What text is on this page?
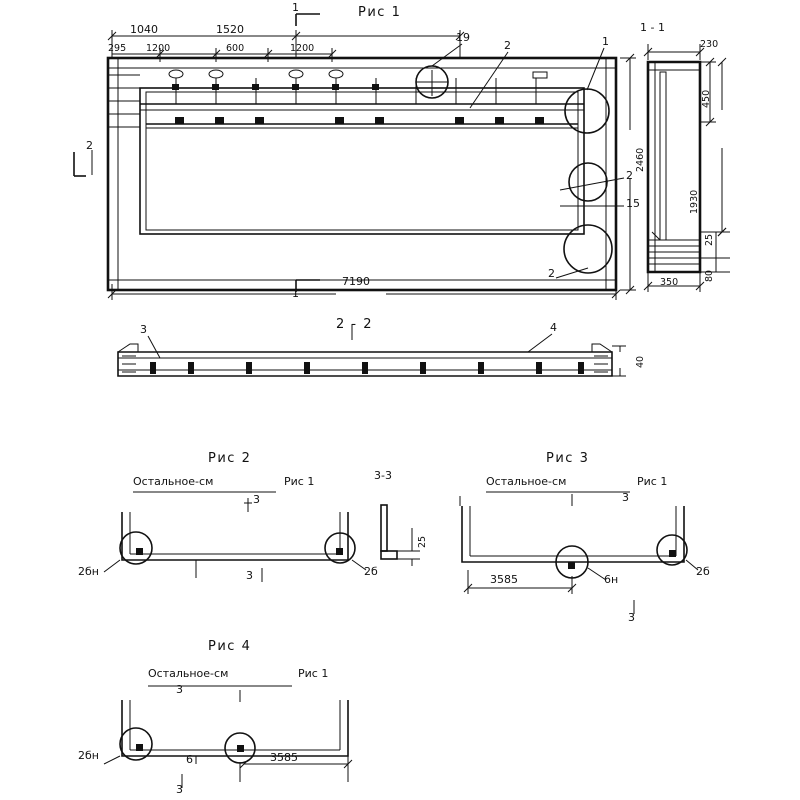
Рис 1
1
1
2
1040	1520
295 1200	600	1200
19
2	1
2
15
2
7190
2460
1 - 1
230
450
1930
25
80
350
2 - 2
3	4
40
Рис 2
Остальное-см	Рис 1
3
2бн	2б
3
3-3
25
Рис 3
Остальное-см	Рис 1
3
3585	6н
2б
3
Рис 4
Остальное-см	Рис 1
3
2бн	6	3585
3
